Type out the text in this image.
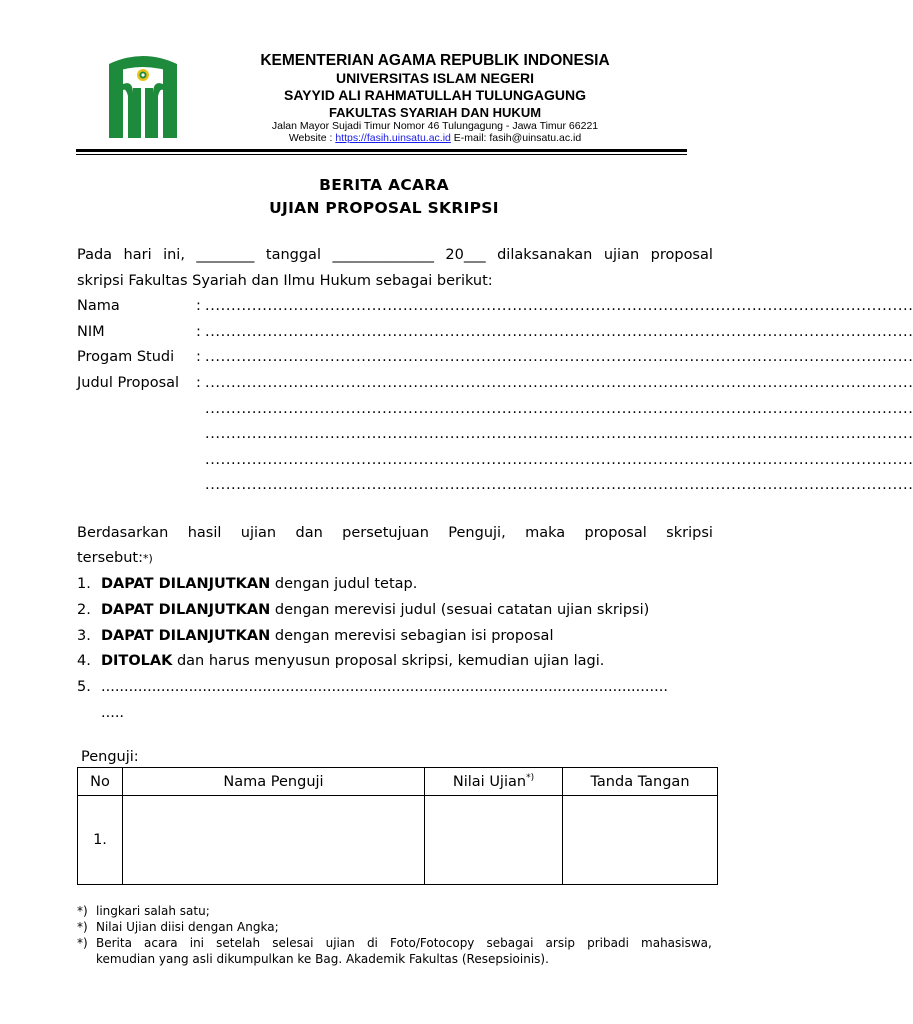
KEMENTERIAN AGAMA REPUBLIK INDONESIA
UNIVERSITAS ISLAM NEGERI
SAYYID ALI RAHMATULLAH TULUNGAGUNG
FAKULTAS SYARIAH DAN HUKUM
Jalan Mayor Sujadi Timur Nomor 46 Tulungagung - Jawa Timur 66221
Website : https://fasih.uinsatu.ac.id E-mail: fasih@uinsatu.ac.id
BERITA ACARA
UJIAN PROPOSAL SKRIPSI
Pada hari ini, ________ tanggal ______________ 20___ dilaksanakan ujian proposal
skripsi Fakultas Syariah dan Ilmu Hukum sebagai berikut:
Nama	: ........................................................................................................................................
NIM	: ........................................................................................................................................
Progam Studi : ........................................................................................................................................
Judul Proposal : ........................................................................................................................................
........................................................................................................................................
........................................................................................................................................
........................................................................................................................................
........................................................................................................................................
Berdasarkan hasil ujian dan persetujuan Penguji, maka proposal skripsi
tersebut:*)
1. DAPAT DILANJUTKAN dengan judul tetap.
2. DAPAT DILANJUTKAN dengan merevisi judul (sesuai catatan ujian skripsi)
3. DAPAT DILANJUTKAN dengan merevisi sebagian isi proposal
4. DITOLAK dan harus menyusun proposal skripsi, kemudian ujian lagi.
5. ...........................................................................................................................
.....
Penguji:
No	Nama Penguji	Nilai Ujian*)	Tanda Tangan
1.			
*) lingkari salah satu;
*) Nilai Ujian diisi dengan Angka;
*) Berita acara ini setelah selesai ujian di Foto/Fotocopy sebagai arsip pribadi mahasiswa,
kemudian yang asli dikumpulkan ke Bag. Akademik Fakultas (Resepsioinis).
